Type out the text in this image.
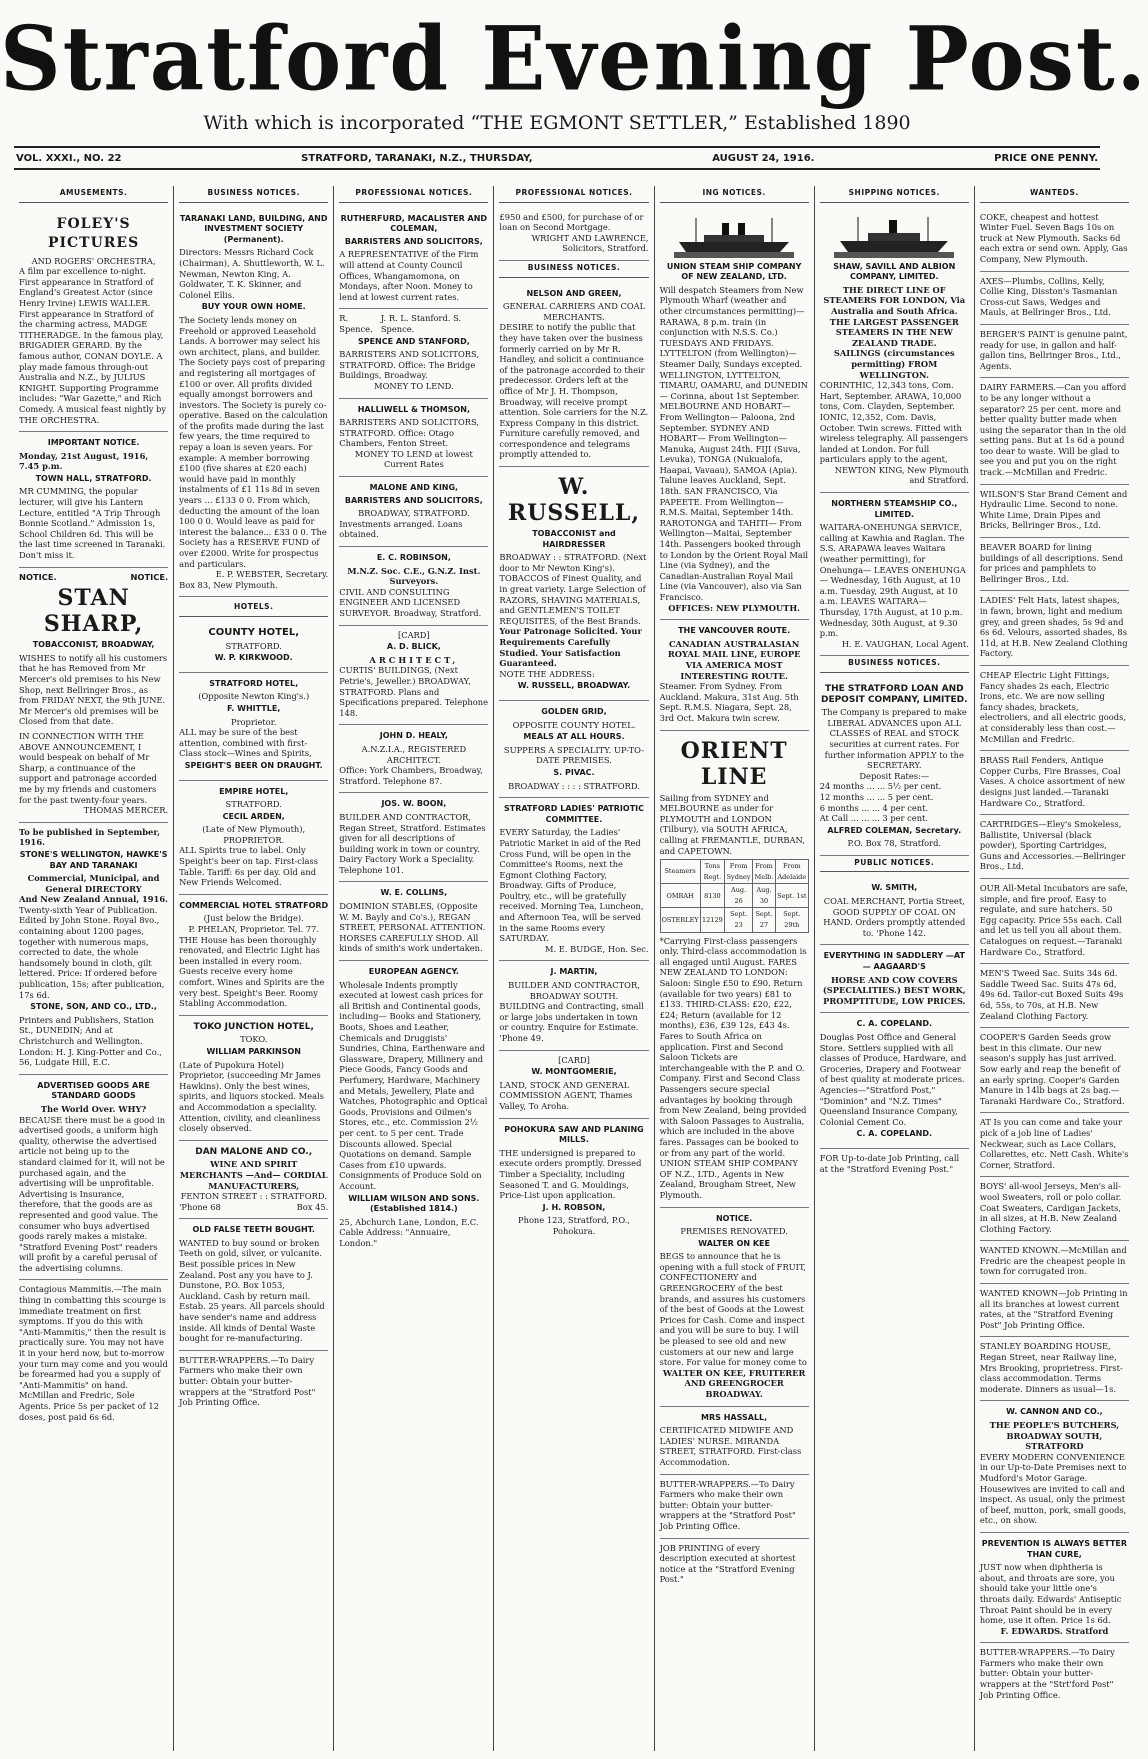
Stratford Evening Post.
With which is incorporated “THE EGMONT SETTLER,” Established 1890
VOL. XXXI., NO. 22	STRATFORD, TARANAKI, N.Z., THURSDAY,	AUGUST 24, 1916.	PRICE ONE PENNY.
AMUSEMENTS.
FOLEY'S PICTURES
AND ROGERS' ORCHESTRA,
A film par excellence to-night. First appearance in Stratford of England's Greatest Actor (since Henry Irvine) LEWIS WALLER. First appearance in Stratford of the charming actress, MADGE TITHERADGE. In the famous play, BRIGADIER GERARD. By the famous author, CONAN DOYLE. A play made famous through-out Australia and N.Z., by JULIUS KNIGHT. Supporting Programme includes: "War Gazette," and Rich Comedy. A musical feast nightly by THE ORCHESTRA.
IMPORTANT NOTICE.
Monday, 21st August, 1916, 7.45 p.m.
TOWN HALL, STRATFORD.
MR CUMMING, the popular lecturer, will give his Lantern Lecture, entitled "A Trip Through Bonnie Scotland." Admission 1s, School Children 6d. This will be the last time screened in Taranaki. Don't miss it.
NOTICE.	NOTICE.
STAN SHARP,
TOBACCONIST, BROADWAY,
WISHES to notify all his customers that he has Removed from Mr Mercer's old premises to his New Shop, next Bellringer Bros., as from FRIDAY NEXT, the 9th JUNE. Mr Mercer's old premises will be Closed from that date.
IN CONNECTION WITH THE ABOVE ANNOUNCEMENT, I would bespeak on behalf of Mr Sharp, a continuance of the support and patronage accorded me by my friends and customers for the past twenty-four years.
THOMAS MERCER.
To be published in September, 1916.
STONE'S WELLINGTON, HAWKE'S BAY AND TARANAKI
Commercial, Municipal, and General DIRECTORY
And New Zealand Annual, 1916.
Twenty-sixth Year of Publication. Edited by John Stone. Royal 8vo., containing about 1200 pages, together with numerous maps, corrected to date, the whole handsomely bound in cloth, gilt lettered. Price: If ordered before publication, 15s; after publication, 17s 6d.
STONE, SON, AND CO., LTD.,
Printers and Publishers, Station St., DUNEDIN; And at Christchurch and Wellington. London: H. J. King-Potter and Co., 56, Ludgate Hill, E.C.
ADVERTISED GOODS ARE STANDARD GOODS
The World Over. WHY?
BECAUSE there must be a good in advertised goods, a uniform high quality, otherwise the advertised article not being up to the standard claimed for it, will not be purchased again, and the advertising will be unprofitable. Advertising is Insurance, therefore, that the goods are as represented and good value. The consumer who buys advertised goods rarely makes a mistake. "Stratford Evening Post" readers will profit by a careful perusal of the advertising columns.
Contagious Mammitis.—The main thing in combatting this scourge is immediate treatment on first symptoms. If you do this with "Anti-Mammitis," then the result is practically sure. You may not have it in your herd now, but to-morrow your turn may come and you would be forearmed had you a supply of "Anti-Mammitis" on hand. McMillan and Fredric, Sole Agents. Price 5s per packet of 12 doses, post paid 6s 6d.
BUSINESS NOTICES.
TARANAKI LAND, BUILDING, AND INVESTMENT SOCIETY (Permanent).
Directors: Messrs Richard Cock (Chairman), A. Shuttleworth, W. L. Newman, Newton King, A. Goldwater, T. K. Skinner, and Colonel Ellis.
BUY YOUR OWN HOME.
The Society lends money on Freehold or approved Leasehold Lands. A borrower may select his own architect, plans, and builder. The Society pays cost of preparing and registering all mortgages of £100 or over. All profits divided equally amongst borrowers and investors. The Society is purely co-operative. Based on the calculation of the profits made during the last few years, the time required to repay a loan is seven years. For example: A member borrowing £100 (five shares at £20 each) would have paid in monthly instalments of £1 11s 8d in seven years ... £133 0 0. From which, deducting the amount of the loan 100 0 0. Would leave as paid for interest the balance... £33 0 0. The Society has a RESERVE FUND of over £2000. Write for prospectus and particulars.
E. P. WEBSTER, Secretary.
Box 83, New Plymouth.
HOTELS.
COUNTY HOTEL,
STRATFORD.
W. P. KIRKWOOD.
STRATFORD HOTEL,
(Opposite Newton King's.)
F. WHITTLE,
Proprietor.
ALL may be sure of the best attention, combined with first-Class stock—Wines and Spirits,
SPEIGHT'S BEER ON DRAUGHT.
EMPIRE HOTEL,
STRATFORD.
CECIL ARDEN,
(Late of New Plymouth), PROPRIETOR.
ALL Spirits true to label. Only Speight's beer on tap. First-class Table. Tariff: 6s per day. Old and New Friends Welcomed.
COMMERCIAL HOTEL STRATFORD
(Just below the Bridge).
P. PHELAN, Proprietor. Tel. 77.
THE House has been thoroughly renovated, and Electric Light has been installed in every room. Guests receive every home comfort. Wines and Spirits are the very best. Speight's Beer. Roomy Stabling Accommodation.
TOKO JUNCTION HOTEL,
TOKO.
WILLIAM PARKINSON
(Late of Pupokura Hotel) Proprietor, (succeeding Mr James Hawkins). Only the best wines, spirits, and liquors stocked. Meals and Accommodation a speciality. Attention, civility, and cleanliness closely observed.
DAN MALONE AND CO.,
WINE AND SPIRIT MERCHANTS —And— CORDIAL MANUFACTURERS,
FENTON STREET : : STRATFORD.
'Phone 68	Box 45.
OLD FALSE TEETH BOUGHT.
WANTED to buy sound or broken Teeth on gold, silver, or vulcanite. Best possible prices in New Zealand. Post any you have to J. Dunstone, P.O. Box 1053, Auckland. Cash by return mail. Estab. 25 years. All parcels should have sender's name and address inside. All kinds of Dental Waste bought for re-manufacturing.
BUTTER-WRAPPERS.—To Dairy Farmers who make their own butter: Obtain your butter-wrappers at the "Stratford Post" Job Printing Office.
PROFESSIONAL NOTICES.
RUTHERFURD, MACALISTER AND COLEMAN,
BARRISTERS AND SOLICITORS,
A REPRESENTATIVE of the Firm will attend at County Council Offices, Whangamomona, on Mondays, after Noon. Money to lend at lowest current rates.
R. Spence.
J. R. L. Stanford. S. Spence.
SPENCE AND STANFORD,
BARRISTERS AND SOLICITORS, STRATFORD. Office: The Bridge Buildings, Broadway.
MONEY TO LEND.
HALLIWELL & THOMSON,
BARRISTERS AND SOLICITORS, STRATFORD. Office: Otago Chambers, Fenton Street.
MONEY TO LEND at lowest Current Rates
MALONE AND KING,
BARRISTERS AND SOLICITORS,
BROADWAY, STRATFORD.
Investments arranged. Loans obtained.
E. C. ROBINSON,
M.N.Z. Soc. C.E., G.N.Z. Inst. Surveyors.
CIVIL AND CONSULTING ENGINEER AND LICENSED SURVEYOR. Broadway, Stratford.
[CARD]
A. D. BLICK,
ARCHITECT,
CURTIS' BUILDINGS, (Next Petrie's, Jeweller.) BROADWAY, STRATFORD. Plans and Specifications prepared. Telephone 148.
JOHN D. HEALY,
A.N.Z.I.A., REGISTERED ARCHITECT.
Office: York Chambers, Broadway, Stratford. Telephone 87.
JOS. W. BOON,
BUILDER AND CONTRACTOR, Regan Street, Stratford. Estimates given for all descriptions of building work in town or country. Dairy Factory Work a Speciality. Telephone 101.
W. E. COLLINS,
DOMINION STABLES, (Opposite W. M. Bayly and Co's.), REGAN STREET, PERSONAL ATTENTION. HORSES CAREFULLY SHOD. All kinds of smith's work undertaken.
EUROPEAN AGENCY.
Wholesale Indents promptly executed at lowest cash prices for all British and Continental goods, including— Books and Stationery, Boots, Shoes and Leather, Chemicals and Druggists' Sundries, China, Earthenware and Glassware, Drapery, Millinery and Piece Goods, Fancy Goods and Perfumery, Hardware, Machinery and Metals, Jewellery, Plate and Watches, Photographic and Optical Goods, Provisions and Oilmen's Stores, etc., etc. Commission 2½ per cent. to 5 per cent. Trade Discounts allowed. Special Quotations on demand. Sample Cases from £10 upwards. Consignments of Produce Sold on Account.
WILLIAM WILSON AND SONS. (Established 1814.)
25, Abchurch Lane, London, E.C. Cable Address: "Annuaire, London."
PROFESSIONAL NOTICES.
£950 and £500, for purchase of or loan on Second Mortgage.
WRIGHT AND LAWRENCE, Solicitors, Stratford.
BUSINESS NOTICES.
NELSON AND GREEN,
GENERAL CARRIERS AND COAL MERCHANTS.
DESIRE to notify the public that they have taken over the business formerly carried on by Mr R. Handley, and solicit a continuance of the patronage accorded to their predecessor. Orders left at the office of Mr J. H. Thompson, Broadway, will receive prompt attention. Sole carriers for the N.Z. Express Company in this district. Furniture carefully removed, and correspondence and telegrams promptly attended to.
W. RUSSELL,
TOBACCONIST and HAIRDRESSER
BROADWAY : : STRATFORD. (Next door to Mr Newton King's). TOBACCOS of Finest Quality, and in great variety. Large Selection of RAZORS, SHAVING MATERIALS, and GENTLEMEN'S TOILET REQUISITES, of the Best Brands.
Your Patronage Solicited. Your Requirements Carefully Studied. Your Satisfaction Guaranteed.
NOTE THE ADDRESS:
W. RUSSELL, BROADWAY.
GOLDEN GRID,
OPPOSITE COUNTY HOTEL.
MEALS AT ALL HOURS.
SUPPERS A SPECIALITY. UP-TO-DATE PREMISES.
S. PIVAC.
BROADWAY : : : : STRATFORD.
STRATFORD LADIES' PATRIOTIC COMMITTEE.
EVERY Saturday, the Ladies' Patriotic Market in aid of the Red Cross Fund, will be open in the Committee's Rooms, next the Egmont Clothing Factory, Broadway. Gifts of Produce, Poultry, etc., will be gratefully received. Morning Tea, Luncheon, and Afternoon Tea, will be served in the same Rooms every SATURDAY.
M. E. BUDGE, Hon. Sec.
J. MARTIN,
BUILDER AND CONTRACTOR, BROADWAY SOUTH.
BUILDING and Contracting, small or large jobs undertaken in town or country. Enquire for Estimate. 'Phone 49.
[CARD]
W. MONTGOMERIE,
LAND, STOCK AND GENERAL COMMISSION AGENT, Thames Valley, To Aroha.
POHOKURA SAW AND PLANING MILLS.
THE undersigned is prepared to execute orders promptly. Dressed Timber a Speciality, including Seasoned T. and G. Mouldings, Price-List upon application.
J. H. ROBSON,
Phone 123, Stratford, P.O., Pohokura.
ING NOTICES.
UNION STEAM SHIP COMPANY OF NEW ZEALAND, LTD.
Will despatch Steamers from New Plymouth Wharf (weather and other circumstances permitting)— RARAWA, 8 p.m. train (in conjunction with N.S.S. Co.) TUESDAYS AND FRIDAYS. LYTTELTON (from Wellington)— Steamer Daily, Sundays excepted. WELLINGTON, LYTTELTON, TIMARU, OAMARU, and DUNEDIN— Corinna, about 1st September. MELBOURNE AND HOBART—From Wellington— Paloona, 2nd September. SYDNEY AND HOBART— From Wellington—Manuka, August 24th. FIJI (Suva, Levuka), TONGA (Nukualofa, Haapai, Vavaau), SAMOA (Apia). Talune leaves Auckland, Sept. 18th. SAN FRANCISCO, Via PAPEETE. From Wellington—R.M.S. Maitai, September 14th. RAROTONGA and TAHITI— From Wellington—Maitai, September 14th. Passengers booked through to London by the Orient Royal Mail Line (via Sydney), and the Canadian-Australian Royal Mail Line (via Vancouver), also via San Francisco.
OFFICES: NEW PLYMOUTH.
THE VANCOUVER ROUTE.
CANADIAN AUSTRALASIAN ROYAL MAIL LINE, EUROPE VIA AMERICA MOST INTERESTING ROUTE.
Steamer. From Sydney. From Auckland. Makura, 31st Aug. 5th Sept. R.M.S. Niagara, Sept. 28, 3rd Oct. Makura twin screw.
ORIENT LINE
Sailing from SYDNEY and MELBOURNE as under for PLYMOUTH and LONDON (Tilbury), via SOUTH AFRICA, calling at FREMANTLE, DURBAN, and CAPETOWN.
Steamers	Tons Regt.	From Sydney	From Melb.	From Adelaide
OMRAH	8130	Aug. 26	Aug. 30	Sept. 1st
OSTERLEY	12129	Sept. 23	Sept. 27	Sept. 29th
*Carrying First-class passengers only. Third-class accommodation is all engaged until August. FARES NEW ZEALAND TO LONDON: Saloon: Single £50 to £90. Return (available for two years) £81 to £133. THIRD-CLASS: £20, £22, £24; Return (available for 12 months), £36, £39 12s, £43 4s. Fares to South Africa on application. First and Second Saloon Tickets are interchangeable with the P. and O. Company. First and Second Class Passengers secure special advantages by booking through from New Zealand, being provided with Saloon Passages to Australia, which are included in the above fares. Passages can be booked to or from any part of the world.
UNION STEAM SHIP COMPANY OF N.Z., LTD., Agents in New Zealand, Brougham Street, New Plymouth.
NOTICE.
PREMISES RENOVATED.
WALTER ON KEE
BEGS to announce that he is opening with a full stock of FRUIT, CONFECTIONERY and GREENGROCERY of the best brands, and assures his customers of the best of Goods at the Lowest Prices for Cash. Come and inspect and you will be sure to buy. I will be pleased to see old and new customers at our new and large store. For value for money come to
WALTER ON KEE, FRUITERER AND GREENGROCER BROADWAY.
MRS HASSALL,
CERTIFICATED MIDWIFE AND LADIES' NURSE. MIRANDA STREET, STRATFORD. First-class Accommodation.
BUTTER-WRAPPERS.—To Dairy Farmers who make their own butter: Obtain your butter-wrappers at the "Stratford Post" Job Printing Office.
JOB PRINTING of every description executed at shortest notice at the "Stratford Evening Post."
SHIPPING NOTICES.
SHAW, SAVILL AND ALBION COMPANY, LIMITED.
THE DIRECT LINE OF STEAMERS FOR LONDON, Via Australia and South Africa.
THE LARGEST PASSENGER STEAMERS IN THE NEW ZEALAND TRADE.
SAILINGS (circumstances permitting) FROM WELLINGTON.
CORINTHIC, 12,343 tons, Com. Hart, September. ARAWA, 10,000 tons, Com. Clayden, September. IONIC, 12,352, Com. Davis, October. Twin screws. Fitted with wireless telegraphy. All passengers landed at London. For full particulars apply to the agent,
NEWTON KING, New Plymouth and Stratford.
NORTHERN STEAMSHIP CO., LIMITED.
WAITARA-ONEHUNGA SERVICE, calling at Kawhia and Raglan. The S.S. ARAPAWA leaves Waitara (weather permitting), for Onehunga— LEAVES ONEHUNGA— Wednesday, 16th August, at 10 a.m. Tuesday, 29th August, at 10 a.m. LEAVES WAITARA— Thursday, 17th August, at 10 p.m. Wednesday, 30th August, at 9.30 p.m.
H. E. VAUGHAN, Local Agent.
BUSINESS NOTICES.
THE STRATFORD LOAN AND DEPOSIT COMPANY, LIMITED.
The Company is prepared to make LIBERAL ADVANCES upon ALL CLASSES of REAL and STOCK securities at current rates. For further information APPLY to the SECRETARY.
Deposit Rates:—
24 months ... ... 5½ per cent.
12 months ... ... 5 per cent.
6 months ... ... 4 per cent.
At Call ... ... ... 3 per cent.
ALFRED COLEMAN, Secretary.
P.O. Box 78, Stratford.
PUBLIC NOTICES.
W. SMITH,
COAL MERCHANT, Portia Street, GOOD SUPPLY OF COAL ON HAND. Orders promptly attended to. 'Phone 142.
EVERYTHING IN SADDLERY —AT— AAGAARD'S
HORSE AND COW COVERS (SPECIALITIES.) BEST WORK, PROMPTITUDE, LOW PRICES.
C. A. COPELAND.
Douglas Post Office and General Store. Settlers supplied with all classes of Produce, Hardware, and Groceries, Drapery and Footwear of best quality at moderate prices. Agencies—"Stratford Post," "Dominion" and "N.Z. Times" Queensland Insurance Company, Colonial Cement Co.
C. A. COPELAND.
FOR Up-to-date Job Printing, call at the "Stratford Evening Post."
WANTEDS.
COKE, cheapest and hottest Winter Fuel. Seven Bags 10s on truck at New Plymouth. Sacks 6d each extra or send own. Apply, Gas Company, New Plymouth.
AXES—Plumbs, Collins, Kelly, Collie King, Disston's Tasmanian Cross-cut Saws, Wedges and Mauls, at Bellringer Bros., Ltd.
BERGER'S PAINT is genuine paint, ready for use, in gallon and half-gallon tins, Bellringer Bros., Ltd., Agents.
DAIRY FARMERS.—Can you afford to be any longer without a separator? 25 per cent. more and better quality butter made when using the separator than in the old setting pans. But at 1s 6d a pound too dear to waste. Will be glad to see you and put you on the right track.—McMillan and Fredric.
WILSON'S Star Brand Cement and Hydraulic Lime. Second to none. White Lime, Drain Pipes and Bricks, Bellringer Bros., Ltd.
BEAVER BOARD for lining buildings of all descriptions. Send for prices and pamphlets to Bellringer Bros., Ltd.
LADIES' Felt Hats, latest shapes, in fawn, brown, light and medium grey, and green shades, 5s 9d and 6s 6d. Velours, assorted shades, 8s 11d, at H.B. New Zealand Clothing Factory.
CHEAP Electric Light Fittings, Fancy shades 2s each, Electric Irons, etc. We are now selling fancy shades, brackets, electroliers, and all electric goods, at considerably less than cost.—McMillan and Fredric.
BRASS Rail Fenders, Antique Copper Curbs, Fire Brasses, Coal Vases. A choice assortment of new designs just landed.—Taranaki Hardware Co., Stratford.
CARTRIDGES—Eley's Smokeless, Ballistite, Universal (black powder), Sporting Cartridges, Guns and Accessories.—Bellringer Bros., Ltd.
OUR All-Metal Incubators are safe, simple, and fire proof. Easy to regulate, and sure hatchers. 50 Egg capacity. Price 55s each. Call and let us tell you all about them. Catalogues on request.—Taranaki Hardware Co., Stratford.
MEN'S Tweed Sac. Suits 34s 6d. Saddle Tweed Sac. Suits 47s 6d, 49s 6d. Tailor-cut Boxed Suits 49s 6d, 55s, to 70s, at H.B. New Zealand Clothing Factory.
COOPER'S Garden Seeds grow best in this climate. Our new season's supply has just arrived. Sow early and reap the benefit of an early spring. Cooper's Garden Manure in 14lb bags at 2s bag.—Taranaki Hardware Co., Stratford.
AT Is you can come and take your pick of a job line of Ladies' Neckwear, such as Lace Collars, Collarettes, etc. Nett Cash. White's Corner, Stratford.
BOYS' all-wool Jerseys, Men's all-wool Sweaters, roll or polo collar. Coat Sweaters, Cardigan Jackets, in all sizes, at H.B. New Zealand Clothing Factory.
WANTED KNOWN.—McMillan and Fredric are the cheapest people in town for corrugated iron.
WANTED KNOWN—Job Printing in all its branches at lowest current rates, at the "Stratford Evening Post" Job Printing Office.
STANLEY BOARDING HOUSE, Regan Street, near Railway line, Mrs Brooking, proprietress. First-class accommodation. Terms moderate. Dinners as usual—1s.
W. CANNON AND CO.,
THE PEOPLE'S BUTCHERS, BROADWAY SOUTH, STRATFORD
EVERY MODERN CONVENIENCE in our Up-to-Date Premises next to Mudford's Motor Garage. Housewives are invited to call and inspect. As usual, only the primest of beef, mutton, pork, small goods, etc., on show.
PREVENTION IS ALWAYS BETTER THAN CURE,
JUST now when diphtheria is about, and throats are sore, you should take your little one's throats daily. Edwards' Antiseptic Throat Paint should be in every home, use it often. Price 1s 6d.
F. EDWARDS. Stratford
BUTTER-WRAPPERS.—To Dairy Farmers who make their own butter: Obtain your butter-wrappers at the "Strt'ford Post" Job Printing Office.
